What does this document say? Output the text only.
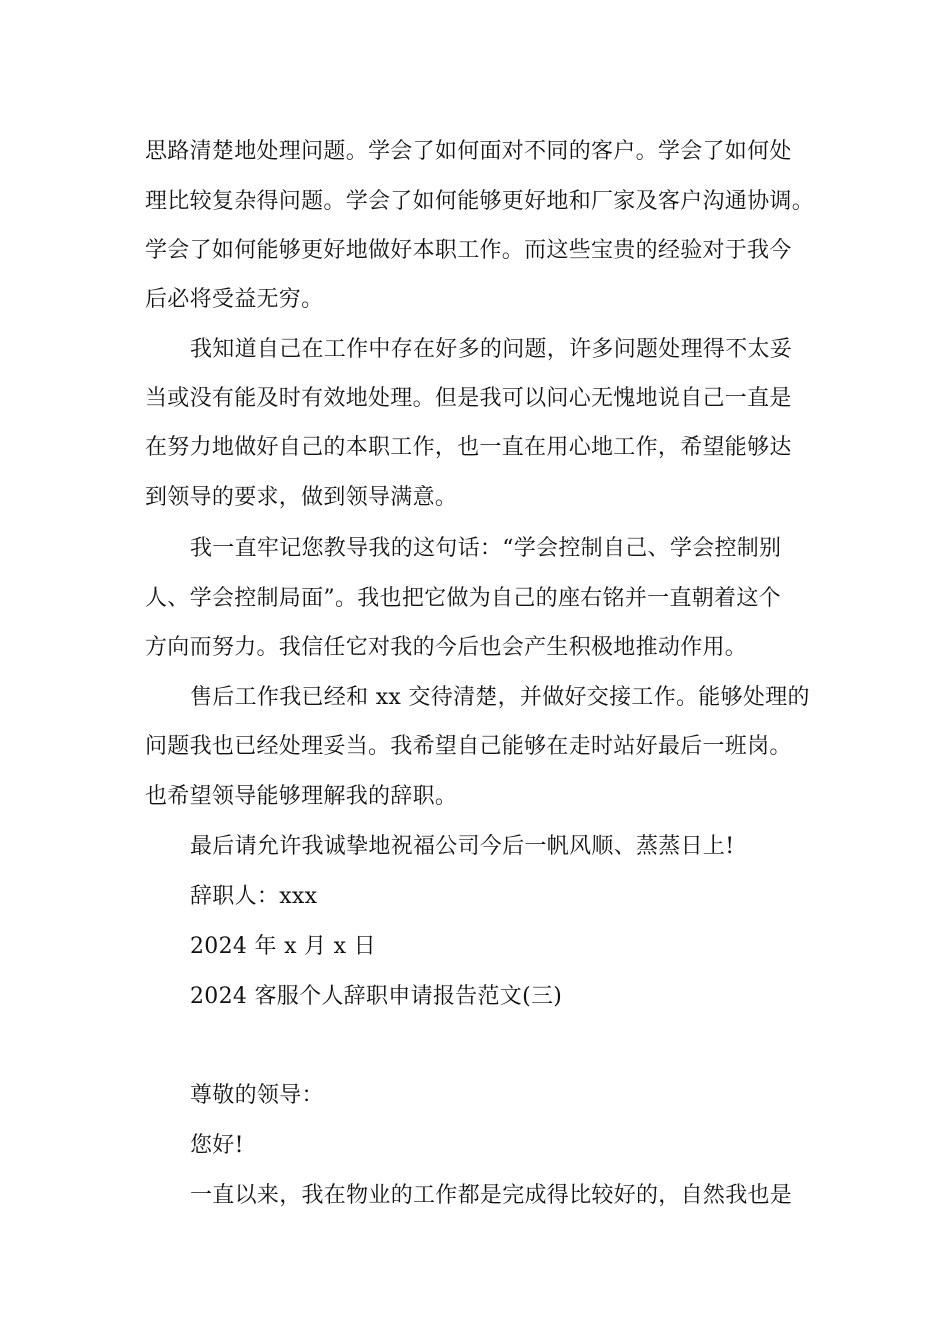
思路清楚地处理问题。学会了如何面对不同的客户。学会了如何处
理比较复杂得问题。学会了如何能够更好地和厂家及客户沟通协调。
学会了如何能够更好地做好本职工作。而这些宝贵的经验对于我今
后必将受益无穷。
我知道自己在工作中存在好多的问题，许多问题处理得不太妥
当或没有能及时有效地处理。但是我可以问心无愧地说自己一直是
在努力地做好自己的本职工作，也一直在用心地工作，希望能够达
到领导的要求，做到领导满意。
我一直牢记您教导我的这句话：“学会控制自己、学会控制别
人、学会控制局面”。我也把它做为自己的座右铭并一直朝着这个
方向而努力。我信任它对我的今后也会产生积极地推动作用。
售后工作我已经和 xx 交待清楚，并做好交接工作。能够处理的
问题我也已经处理妥当。我希望自己能够在走时站好最后一班岗。
也希望领导能够理解我的辞职。
最后请允许我诚挚地祝福公司今后一帆风顺、蒸蒸日上!
辞职人：xxx
2024 年 x 月 x 日
2024 客服个人辞职申请报告范文(三)
尊敬的领导：
您好!
一直以来，我在物业的工作都是完成得比较好的，自然我也是
